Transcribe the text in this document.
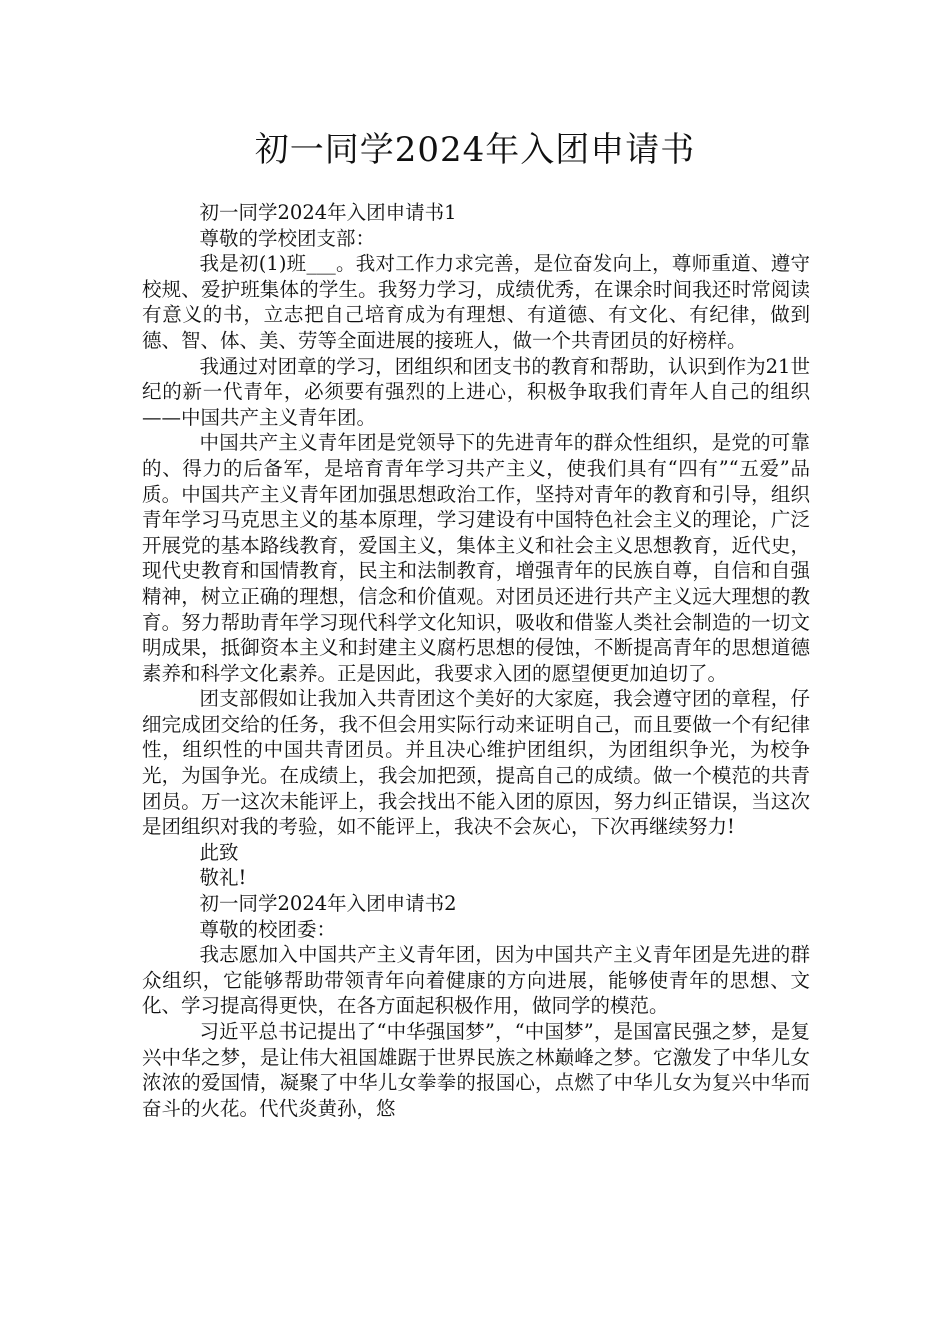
初一同学2024年入团申请书

初一同学2024年入团申请书1

尊敬的学校团支部：

我是初(1)班___。我对工作力求完善，是位奋发向上，尊师重道、遵守校规、爱护班集体的学生。我努力学习，成绩优秀，在课余时间我还时常阅读有意义的书，立志把自己培育成为有理想、有道德、有文化、有纪律，做到德、智、体、美、劳等全面进展的接班人，做一个共青团员的好榜样。

我通过对团章的学习，团组织和团支书的教育和帮助，认识到作为21世纪的新一代青年，必须要有强烈的上进心，积极争取我们青年人自己的组织——中国共产主义青年团。

中国共产主义青年团是党领导下的先进青年的群众性组织，是党的可靠的、得力的后备军，是培育青年学习共产主义，使我们具有“四有”“五爱”品质。中国共产主义青年团加强思想政治工作，坚持对青年的教育和引导，组织青年学习马克思主义的基本原理，学习建设有中国特色社会主义的理论，广泛开展党的基本路线教育，爱国主义，集体主义和社会主义思想教育，近代史，现代史教育和国情教育，民主和法制教育，增强青年的民族自尊，自信和自强精神，树立正确的理想，信念和价值观。对团员还进行共产主义远大理想的教育。努力帮助青年学习现代科学文化知识，吸收和借鉴人类社会制造的一切文明成果，抵御资本主义和封建主义腐朽思想的侵蚀，不断提高青年的思想道德素养和科学文化素养。正是因此，我要求入团的愿望便更加迫切了。

团支部假如让我加入共青团这个美好的大家庭，我会遵守团的章程，仔细完成团交给的任务，我不但会用实际行动来证明自己，而且要做一个有纪律性，组织性的中国共青团员。并且决心维护团组织，为团组织争光，为校争光，为国争光。在成绩上，我会加把颈，提高自己的成绩。做一个模范的共青团员。万一这次未能评上，我会找出不能入团的原因，努力纠正错误，当这次是团组织对我的考验，如不能评上，我决不会灰心，下次再继续努力!

此致

敬礼!

初一同学2024年入团申请书2

尊敬的校团委：

我志愿加入中国共产主义青年团，因为中国共产主义青年团是先进的群众组织，它能够帮助带领青年向着健康的方向进展，能够使青年的思想、文化、学习提高得更快，在各方面起积极作用，做同学的模范。

习近平总书记提出了“中华强国梦”，“中国梦”，是国富民强之梦，是复兴中华之梦，是让伟大祖国雄踞于世界民族之林巅峰之梦。它激发了中华儿女浓浓的爱国情，凝聚了中华儿女拳拳的报国心，点燃了中华儿女为复兴中华而奋斗的火花。代代炎黄孙，悠
